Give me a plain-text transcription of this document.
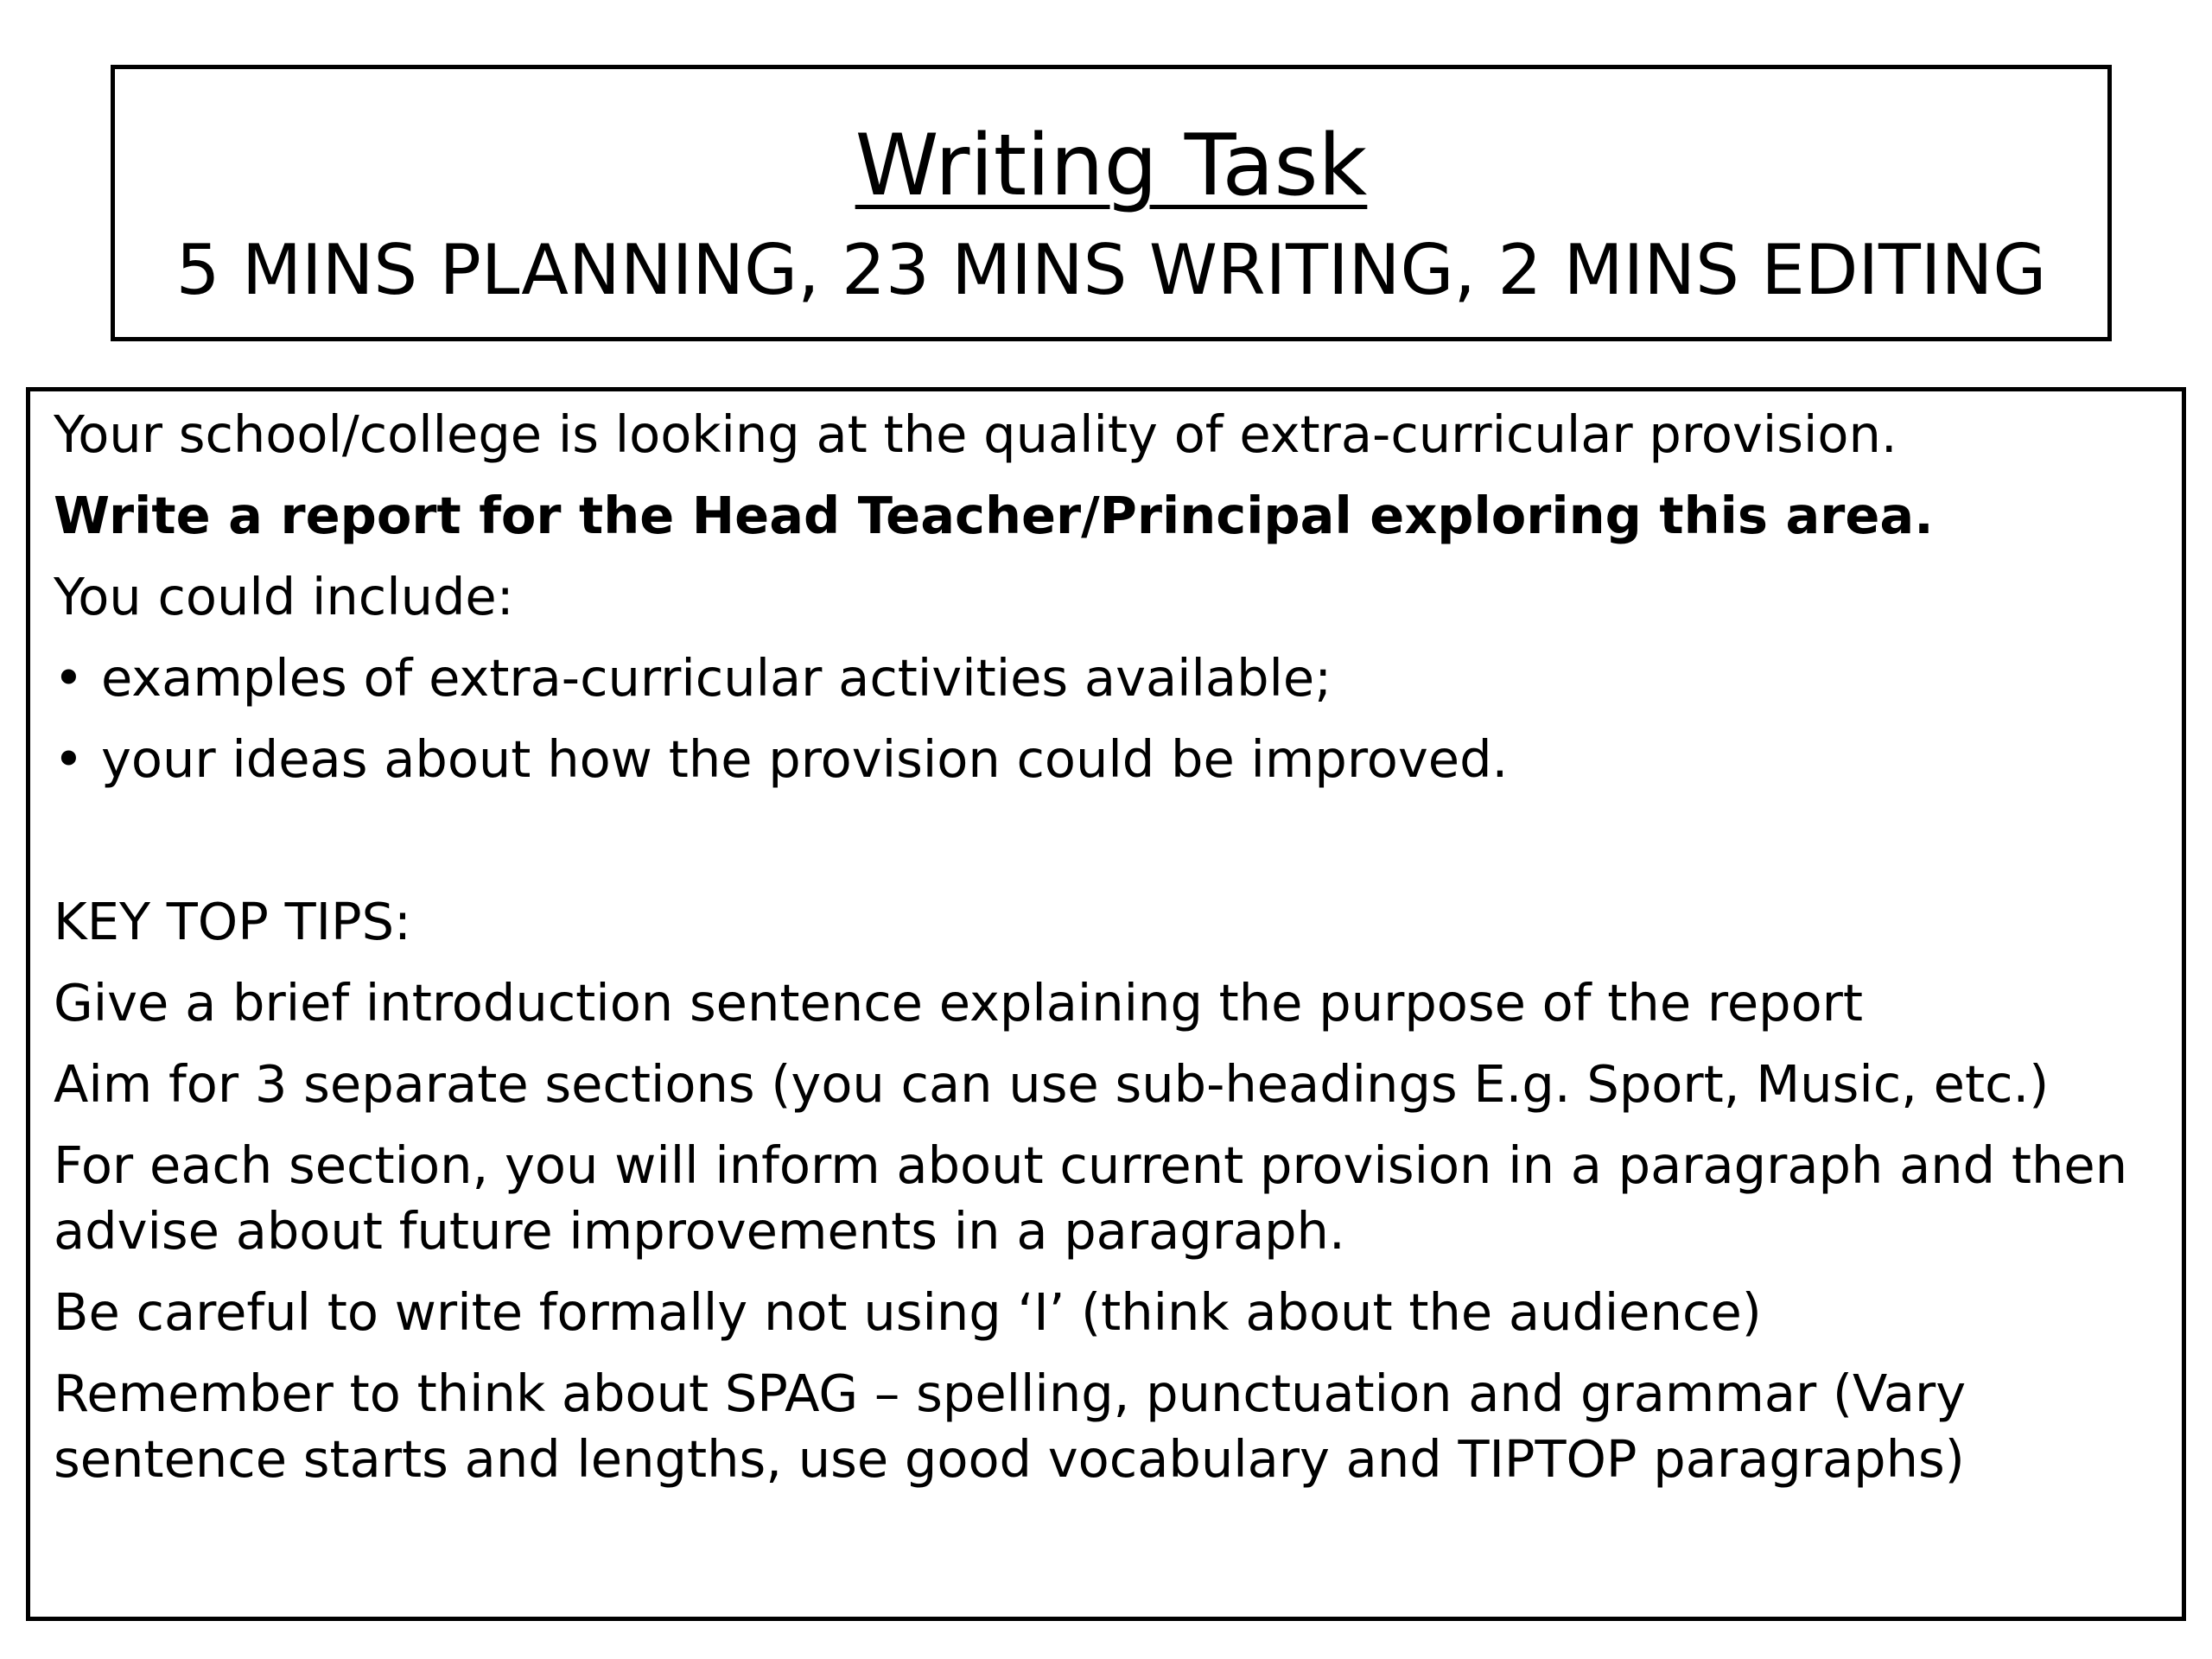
Writing Task
5 MINS PLANNING, 23 MINS WRITING, 2 MINS EDITING

Your school/college is looking at the quality of extra-curricular provision.

Write a report for the Head Teacher/Principal exploring this area.

You could include:

• examples of extra-curricular activities available;

• your ideas about how the provision could be improved.

KEY TOP TIPS:

Give a brief introduction sentence explaining the purpose of the report

Aim for 3 separate sections (you can use sub-headings E.g. Sport, Music, etc.)

For each section, you will inform about current provision in a paragraph and then advise about future improvements in a paragraph.

Be careful to write formally not using ‘I’ (think about the audience)

Remember to think about SPAG – spelling, punctuation and grammar (Vary sentence starts and lengths, use good vocabulary and TIPTOP paragraphs)
